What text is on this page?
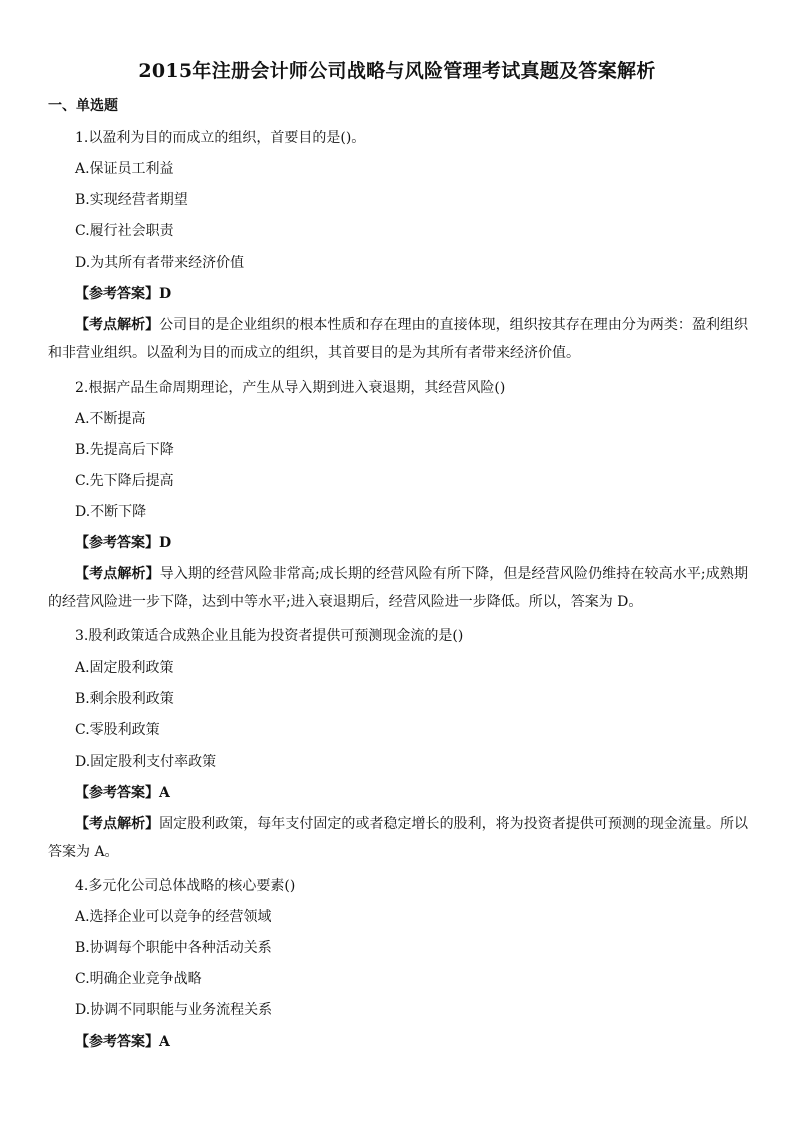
2015年注册会计师公司战略与风险管理考试真题及答案解析
一、单选题
1.以盈利为目的而成立的组织，首要目的是()。
A.保证员工利益
B.实现经营者期望
C.履行社会职责
D.为其所有者带来经济价值
【参考答案】D
【考点解析】公司目的是企业组织的根本性质和存在理由的直接体现，组织按其存在理由分为两类：盈利组织和非营业组织。以盈利为目的而成立的组织，其首要目的是为其所有者带来经济价值。
2.根据产品生命周期理论，产生从导入期到进入衰退期，其经营风险()
A.不断提高
B.先提高后下降
C.先下降后提高
D.不断下降
【参考答案】D
【考点解析】导入期的经营风险非常高;成长期的经营风险有所下降，但是经营风险仍维持在较高水平;成熟期的经营风险进一步下降，达到中等水平;进入衰退期后，经营风险进一步降低。所以，答案为 D。
3.股利政策适合成熟企业且能为投资者提供可预测现金流的是()
A.固定股利政策
B.剩余股利政策
C.零股利政策
D.固定股利支付率政策
【参考答案】A
【考点解析】固定股利政策，每年支付固定的或者稳定增长的股利，将为投资者提供可预测的现金流量。所以答案为 A。
4.多元化公司总体战略的核心要素()
A.选择企业可以竞争的经营领域
B.协调每个职能中各种活动关系
C.明确企业竞争战略
D.协调不同职能与业务流程关系
【参考答案】A
